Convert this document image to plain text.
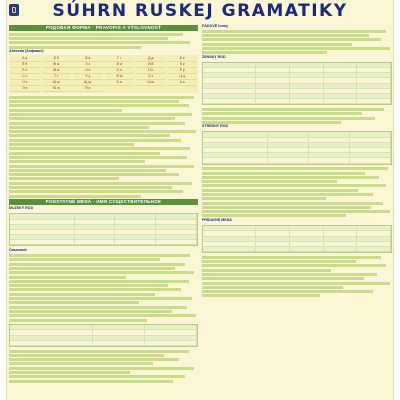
SÚHRN RUSKEJ GRAMATIKY
РОДОВАЯ ФОРМА · PRAVOPIS A VÝSLOVNOSŤ

Abeceda (Алфавит)
А а	Б б	В в	Г г	Д д	Е е
Ё ё	Ж ж	З з	И и	Й й	К к
Л л	М м	Н н	О о	П п	Р р
С с	Т т	У у	Ф ф	Х х	Ц ц
Ч ч	Ш ш	Щ щ	Ъ ъ	Ы ы	Ь ь
Э э	Ю ю	Я я

PODSTATNÉ MENÁ · ИМЯ СУЩЕСТВИТЕЛЬНОЕ
MUŽSKÝ ROD
Časovanie

PÁDOVÉ formy

ŽENSKÝ ROD

STREDNÝ ROD

PRÍDAVNÉ MENÁ
